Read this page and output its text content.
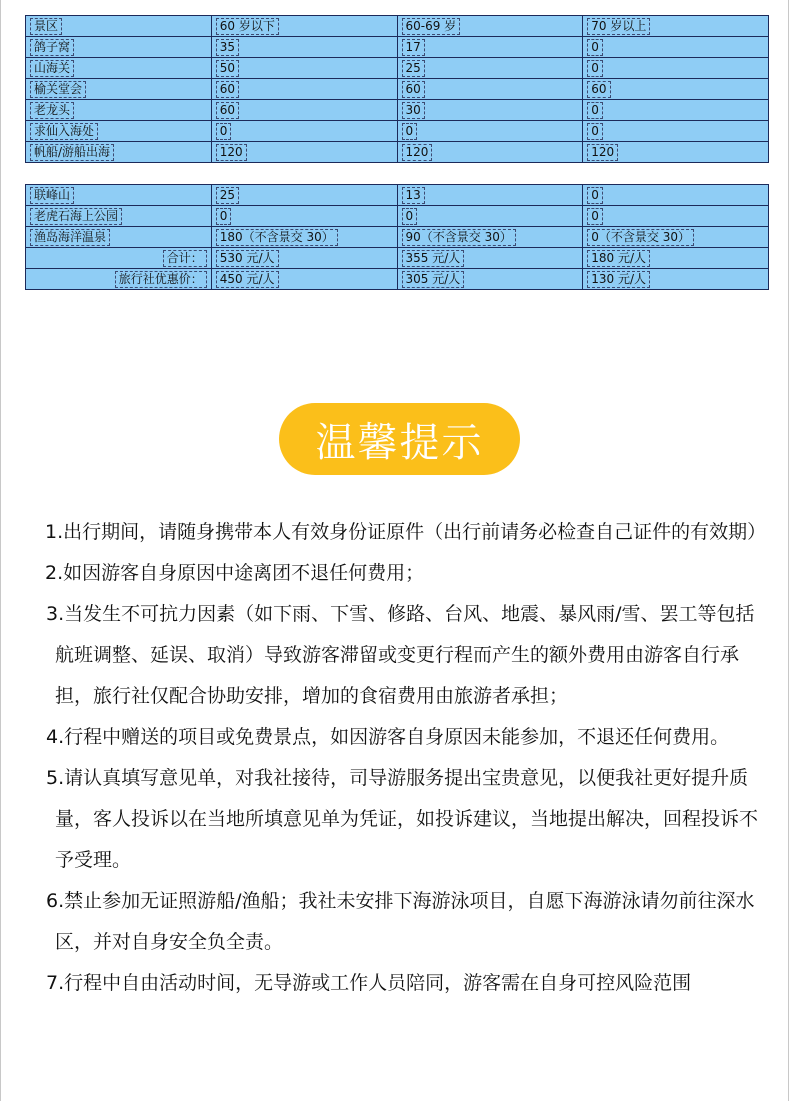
景区	60 岁以下	60-69 岁	70 岁以上
鸽子窝	35	17	0
山海关	50	25	0
榆关堂会	60	60	60
老龙头	60	30	0
求仙入海处	0	0	0
帆船/游船出海	120	120	120
联峰山	25	13	0
老虎石海上公园	0	0	0
渔岛海洋温泉	180（不含景交 30）	90（不含景交 30）	0（不含景交 30）
合计：	530 元/人	355 元/人	180 元/人
旅行社优惠价：	450 元/人	305 元/人	130 元/人
温馨提示

1.出行期间，请随身携带本人有效身份证原件（出行前请务必检查自己证件的有效期）

2.如因游客自身原因中途离团不退任何费用；

3.当发生不可抗力因素（如下雨、下雪、修路、台风、地震、暴风雨/雪、罢工等包括航班调整、延误、取消）导致游客滞留或变更行程而产生的额外费用由游客自行承担，旅行社仅配合协助安排，增加的食宿费用由旅游者承担；

4.行程中赠送的项目或免费景点，如因游客自身原因未能参加，不退还任何费用。

5.请认真填写意见单，对我社接待，司导游服务提出宝贵意见，以便我社更好提升质量，客人投诉以在当地所填意见单为凭证，如投诉建议，当地提出解决，回程投诉不予受理。

6.禁止参加无证照游船/渔船；我社未安排下海游泳项目，自愿下海游泳请勿前往深水区，并对自身安全负全责。

7.行程中自由活动时间，无导游或工作人员陪同，游客需在自身可控风险范围
